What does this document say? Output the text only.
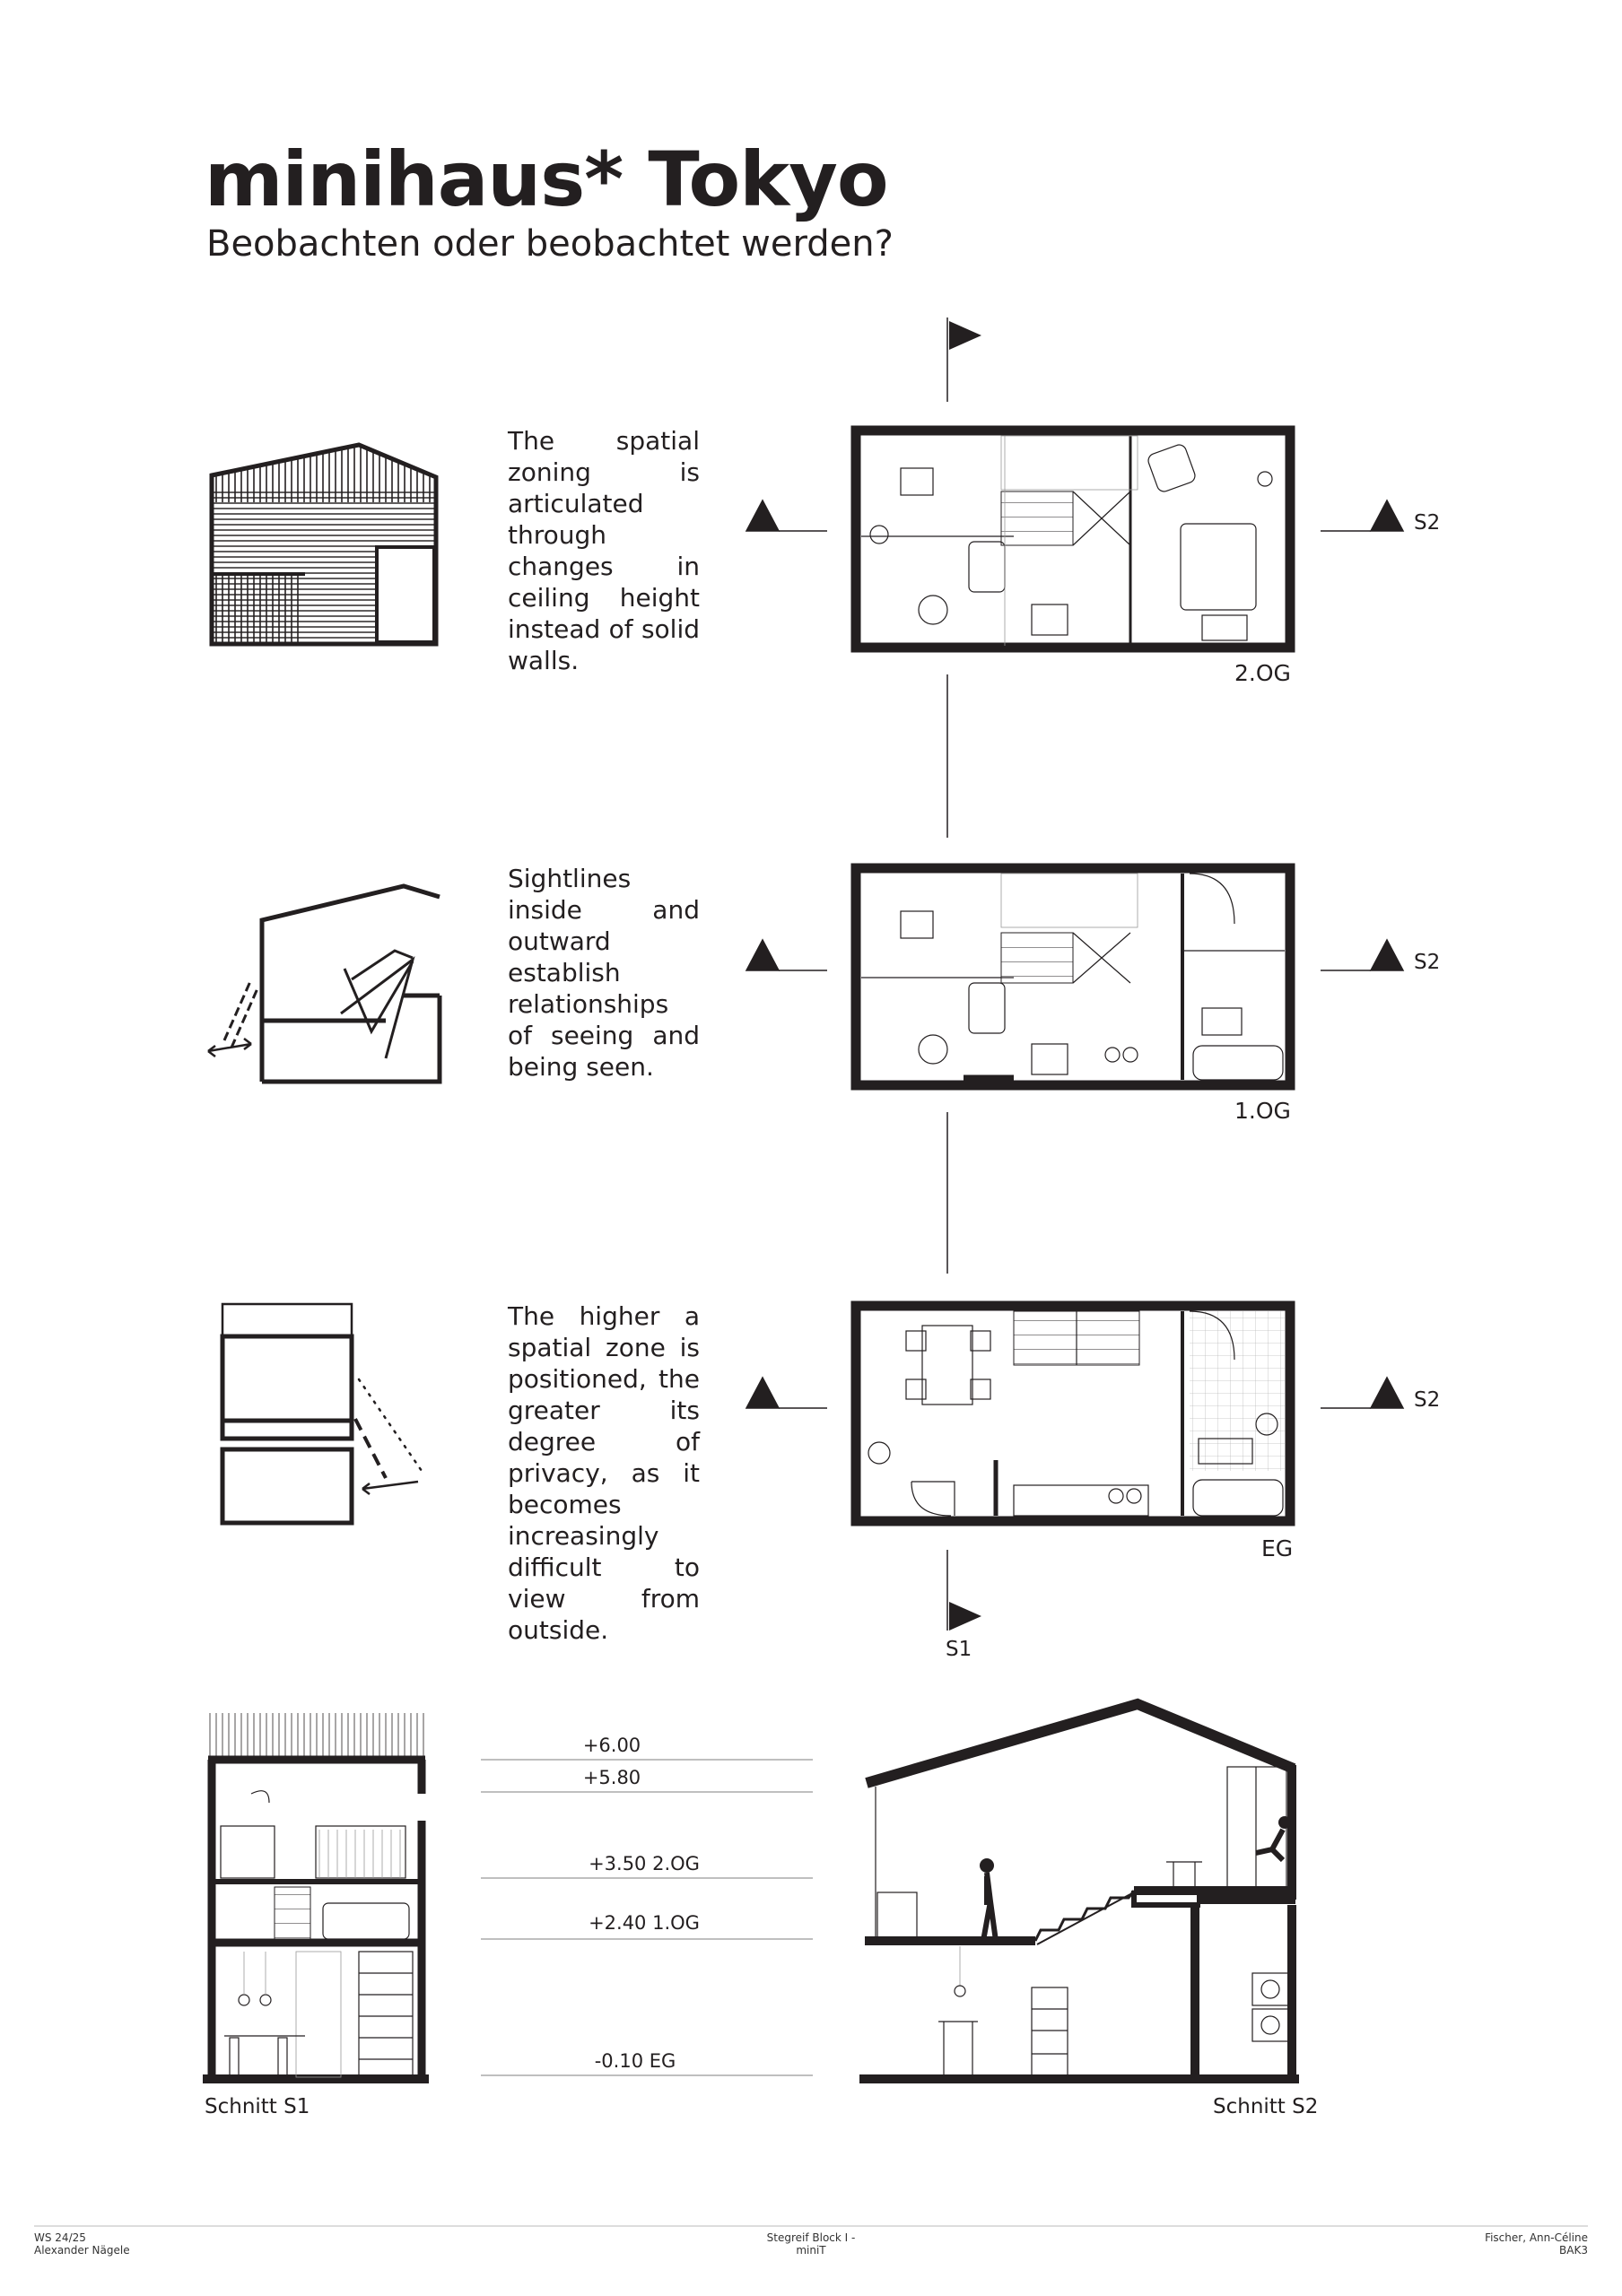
minihaus* Tokyo
Beobachten oder beobachtet werden?
The spatial zoning is articulated through changes in ceiling height instead of solid walls.
Sightlines inside and outward establish relationships of seeing and being seen.
The higher a spatial zone is positioned, the greater its degree of privacy, as it becomes increasingly difficult to view from outside.
2.OG
1.OG
EG
S2
S2
S2
S1
+6.00
+5.80
+3.50 2.OG
+2.40 1.OG
-0.10 EG
Schnitt S1	Schnitt S2
WS 24/25
Alexander Nägele
Stegreif Block I -
miniT
Fischer, Ann-Céline
BAK3
